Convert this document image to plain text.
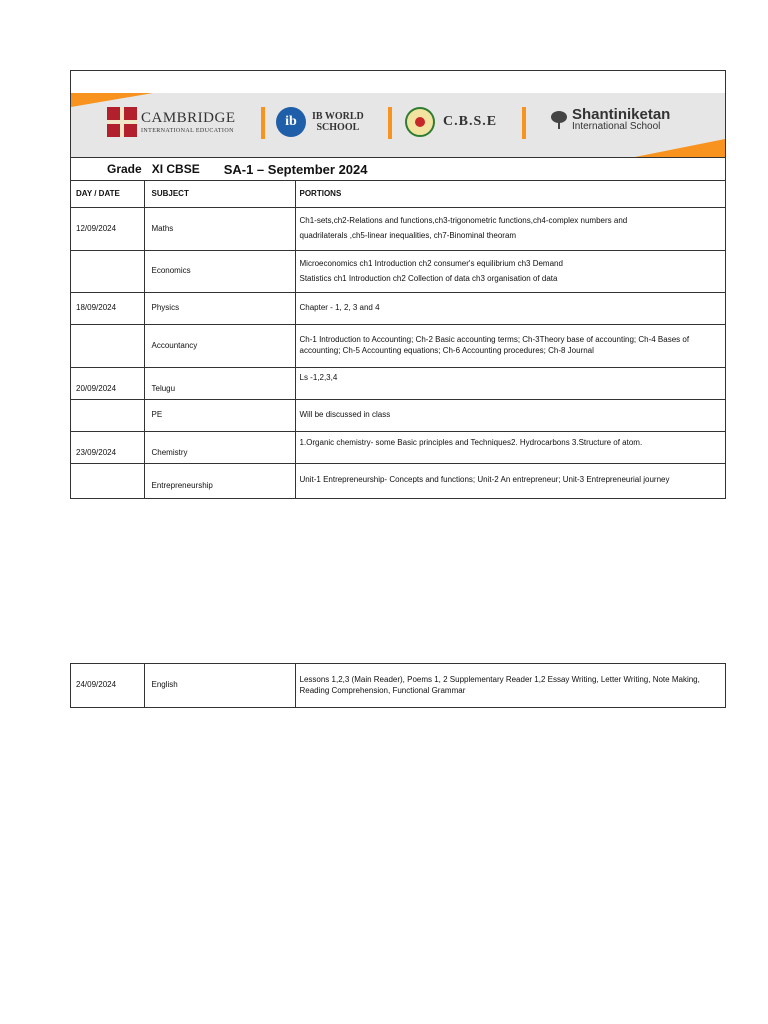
CAMBRIDGE
INTERNATIONAL EDUCATION
ib	IB WORLD
SCHOOL	C.B.S.E	Shantiniketan
International School
Grade XI CBSE SA-1 – September 2024
DAY / DATE	SUBJECT	PORTIONS
12/09/2024	Maths	Ch1-sets,ch2-Relations and functions,ch3-trigonometric functions,ch4-complex numbers and
quadrilaterals ,ch5-linear inequalities, ch7-Binominal theoram

	Economics	Microeconomics ch1 Introduction ch2 consumer's equilibrium ch3 Demand
Statistics ch1 Introduction ch2 Collection of data ch3 organisation of data

18/09/2024	Physics	Chapter - 1, 2, 3 and 4
	Accountancy	Ch-1 Introduction to Accounting; Ch-2 Basic accounting terms; Ch-3Theory base of accounting; Ch-4 Bases of accounting; Ch-5 Accounting equations; Ch-6 Accounting procedures; Ch-8 Journal
20/09/2024	Telugu	Ls -1,2,3,4
	PE	Will be discussed in class
23/09/2024	Chemistry	1.Organic chemistry- some Basic principles and Techniques2. Hydrocarbons 3.Structure of atom.
	Entrepreneurship	Unit-1 Entrepreneurship- Concepts and functions; Unit-2 An entrepreneur; Unit-3 Entrepreneurial journey
24/09/2024	English	Lessons 1,2,3 (Main Reader), Poems 1, 2 Supplementary Reader 1,2 Essay Writing, Letter Writing, Note Making, Reading Comprehension, Functional Grammar
